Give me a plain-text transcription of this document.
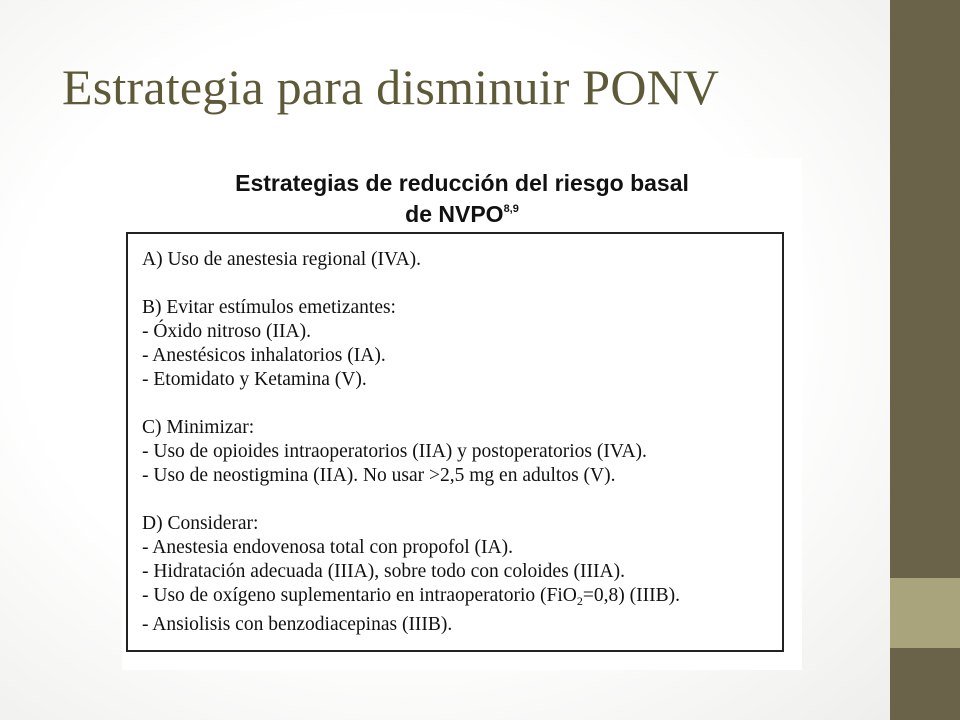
Estrategia para disminuir PONV
Estrategias de reducción del riesgo basal
de NVPO$^{8,9}$
A) Uso de anestesia regional (IVA).
B) Evitar estímulos emetizantes:
- Óxido nitroso (IIA).
- Anestésicos inhalatorios (IA).
- Etomidato y Ketamina (V).
C) Minimizar:
- Uso de opioides intraoperatorios (IIA) y postoperatorios (IVA).
- Uso de neostigmina (IIA). No usar >2,5 mg en adultos (V).
D) Considerar:
- Anestesia endovenosa total con propofol (IA).
- Hidratación adecuada (IIIA), sobre todo con coloides (IIIA).
- Uso de oxígeno suplementario en intraoperatorio (FiO$_2$=0,8) (IIIB).
- Ansiolisis con benzodiacepinas (IIIB).
